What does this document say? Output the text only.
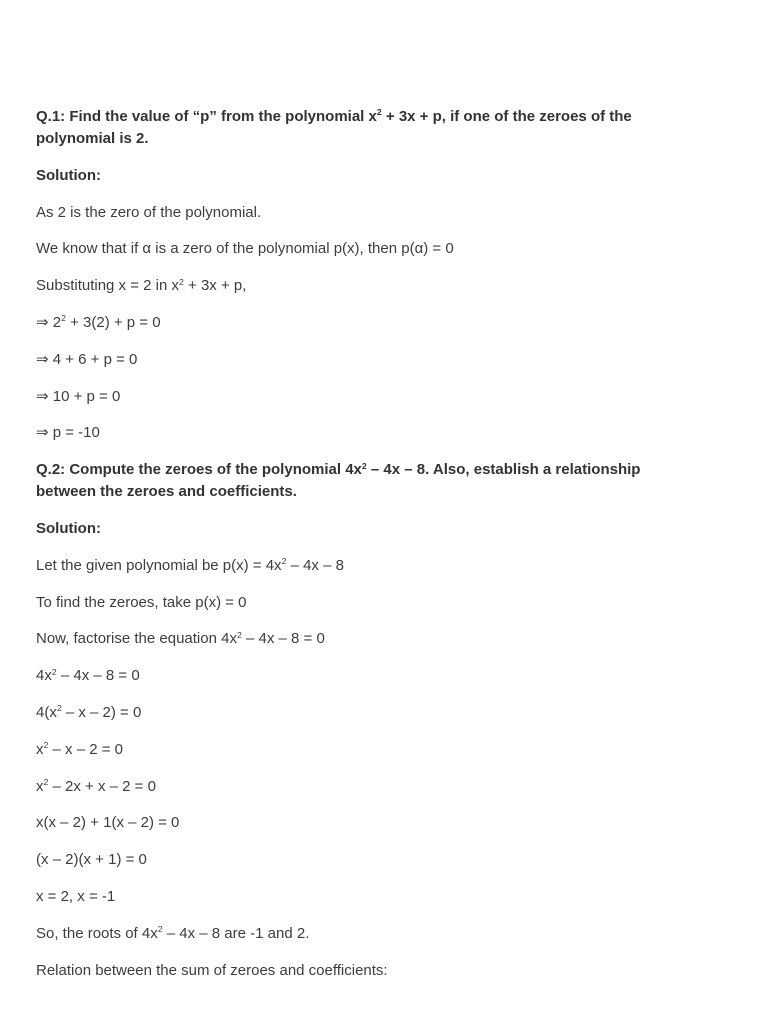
Q.1: Find the value of “p” from the polynomial $x^2 + 3x + p$, if one of the zeroes of the
polynomial is 2.

Solution:

As 2 is the zero of the polynomial.

We know that if α is a zero of the polynomial p(x), then p(α) = 0

Substituting x = 2 in $x^2 + 3x + p$,

⇒ $2^2 + 3(2) + p = 0$

⇒ 4 + 6 + p = 0

⇒ 10 + p = 0

⇒ p = -10

Q.2: Compute the zeroes of the polynomial $4x^2 - 4x - 8$. Also, establish a relationship
between the zeroes and coefficients.

Solution:

Let the given polynomial be $p(x) = 4x^2 - 4x - 8$

To find the zeroes, take p(x) = 0

Now, factorise the equation $4x^2 - 4x - 8 = 0$

$4x^2 - 4x - 8 = 0$

$4(x^2 - x - 2) = 0$

$x^2 - x - 2 = 0$

$x^2 - 2x + x - 2 = 0$

x(x – 2) + 1(x – 2) = 0

(x – 2)(x + 1) = 0

x = 2, x = -1

So, the roots of $4x^2 - 4x - 8$ are -1 and 2.

Relation between the sum of zeroes and coefficients:
